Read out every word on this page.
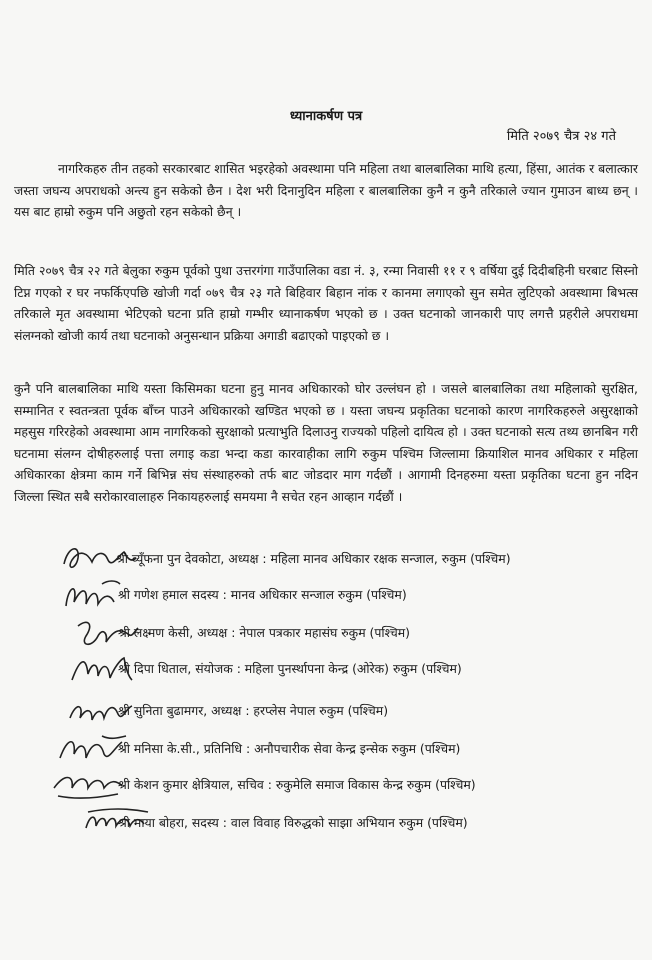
ध्यानाकर्षण पत्र
मिति २०७९ चैत्र २४ गते
नागरिकहरु तीन तहको सरकारबाट शासित भइरहेको अवस्थामा पनि महिला तथा बालबालिका माथि हत्या, हिंसा, आतंक र बलात्कार जस्ता जघन्य अपराधको अन्त्य हुन सकेको छैन । देश भरी दिनानुदिन महिला र बालबालिका कुनै न कुनै तरिकाले ज्यान गुमाउन बाध्य छन् । यस बाट हाम्रो रुकुम पनि अछुतो रहन सकेको छैन् ।
मिति २०७९ चैत्र २२ गते बेलुका रुकुम पूर्वको पुथा उत्तरगंगा गाउँपालिका वडा नं. ३, रन्मा निवासी ११ र ९ वर्षिया दुई दिदीबहिनी घरबाट सिस्नो टिप्न गएको र घर नफर्किएपछि खोजी गर्दा ०७९ चैत्र २३ गते बिहिवार बिहान नांक र कानमा लगाएको सुन समेत लुटिएको अवस्थामा बिभत्स तरिकाले मृत अवस्थामा भेटिएको घटना प्रति हाम्रो गम्भीर ध्यानाकर्षण भएको छ । उक्त घटनाको जानकारी पाए लगत्तै प्रहरीले अपराधमा संलग्नको खोजी कार्य तथा घटनाको अनुसन्धान प्रक्रिया अगाडी बढाएको पाइएको छ ।
कुनै पनि बालबालिका माथि यस्ता किसिमका घटना हुनु मानव अधिकारको घोर उल्लंघन हो । जसले बालबालिका तथा महिलाको सुरक्षित, सम्मानित र स्वतन्त्रता पूर्वक बाँच्न पाउने अधिकारको खण्डित भएको छ । यस्ता जघन्य प्रकृतिका घटनाको कारण नागरिकहरुले असुरक्षाको महसुस गरिरहेको अवस्थामा आम नागरिकको सुरक्षाको प्रत्याभुति दिलाउनु राज्यको पहिलो दायित्व हो । उक्त घटनाको सत्य तथ्य छानबिन गरी घटनामा संलग्न दोषीहरुलाई पत्ता लगाइ कडा भन्दा कडा कारवाहीका लागि रुकुम पश्चिम जिल्लामा क्रियाशिल मानव अधिकार र महिला अधिकारका क्षेत्रमा काम गर्ने बिभिन्न संघ संस्थाहरुको तर्फ बाट जोडदार माग गर्दछौं । आगामी दिनहरुमा यस्ता प्रकृतिका घटना हुन नदिन जिल्ला स्थित सबै सरोकारवालाहरु निकायहरुलाई समयमा नै सचेत रहन आव्हान गर्दछौं ।
श्री व्यूँफना पुन देवकोटा, अध्यक्ष : महिला मानव अधिकार रक्षक सन्जाल, रुकुम (पश्चिम)
श्री गणेश हमाल सदस्य : मानव अधिकार सन्जाल रुकुम (पश्चिम)
श्री लक्ष्मण केसी, अध्यक्ष : नेपाल पत्रकार महासंघ रुकुम (पश्चिम)
श्री दिपा धिताल, संयोजक : महिला पुनर्स्थापना केन्द्र (ओरेक) रुकुम (पश्चिम)
श्री सुनिता बुढामगर, अध्यक्ष : हरप्लेस नेपाल रुकुम (पश्चिम)
श्री मनिसा के.सी., प्रतिनिधि : अनौपचारीक सेवा केन्द्र इन्सेक रुकुम (पश्चिम)
श्री केशन कुमार क्षेत्रियाल, सचिव : रुकुमेलि समाज विकास केन्द्र रुकुम (पश्चिम)
श्री माया बोहरा, सदस्य : वाल विवाह विरुद्धको साझा अभियान रुकुम (पश्चिम)
